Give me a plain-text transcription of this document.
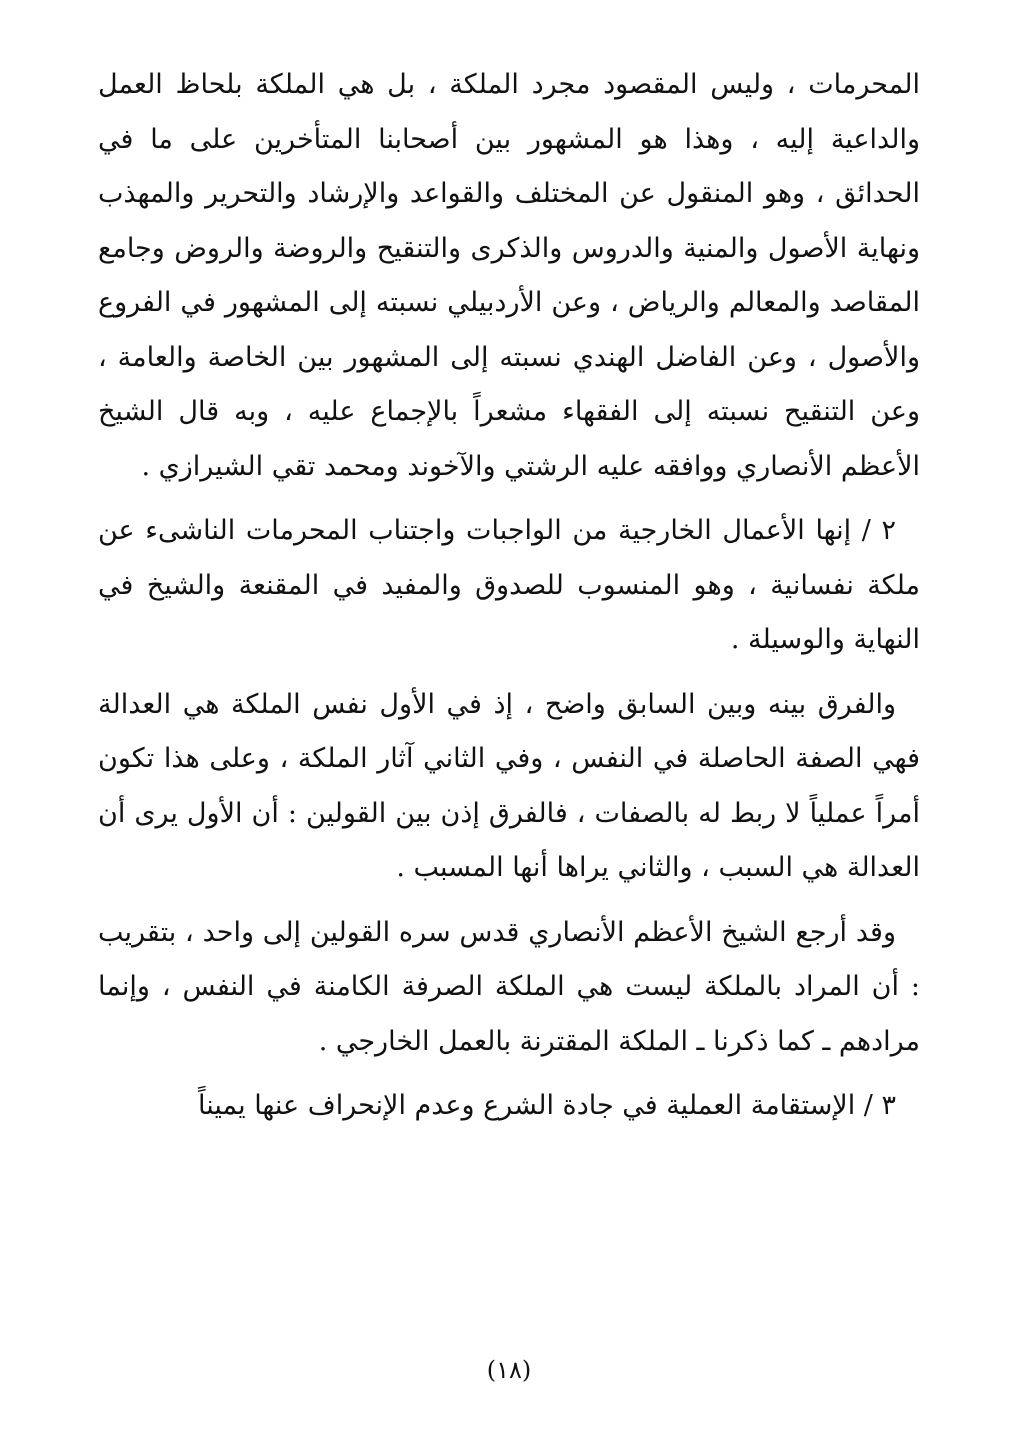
المحرمات ، وليس المقصود مجرد الملكة ، بل هي الملكة بلحاظ العمل والداعية إليه ، وهذا هو المشهور بين أصحابنا المتأخرين على ما في الحدائق ، وهو المنقول عن المختلف والقواعد والإرشاد والتحرير والمهذب ونهاية الأصول والمنية والدروس والذكرى والتنقيح والروضة والروض وجامع المقاصد والمعالم والرياض ، وعن الأردبيلي نسبته إلى المشهور في الفروع والأصول ، وعن الفاضل الهندي نسبته إلى المشهور بين الخاصة والعامة ، وعن التنقيح نسبته إلى الفقهاء مشعراً بالإجماع عليه ، وبه قال الشيخ الأعظم الأنصاري ووافقه عليه الرشتي والآخوند ومحمد تقي الشيرازي .

٢ / إنها الأعمال الخارجية من الواجبات واجتناب المحرمات الناشىء عن ملكة نفسانية ، وهو المنسوب للصدوق والمفيد في المقنعة والشيخ في النهاية والوسيلة .

والفرق بينه وبين السابق واضح ، إذ في الأول نفس الملكة هي العدالة فهي الصفة الحاصلة في النفس ، وفي الثاني آثار الملكة ، وعلى هذا تكون أمراً عملياً لا ربط له بالصفات ، فالفرق إذن بين القولين : أن الأول يرى أن العدالة هي السبب ، والثاني يراها أنها المسبب .

وقد أرجع الشيخ الأعظم الأنصاري قدس سره القولين إلى واحد ، بتقريب : أن المراد بالملكة ليست هي الملكة الصرفة الكامنة في النفس ، وإنما مرادهم ـ كما ذكرنا ـ الملكة المقترنة بالعمل الخارجي .

٣ / الإستقامة العملية في جادة الشرع وعدم الإنحراف عنها يميناً

(١٨)
